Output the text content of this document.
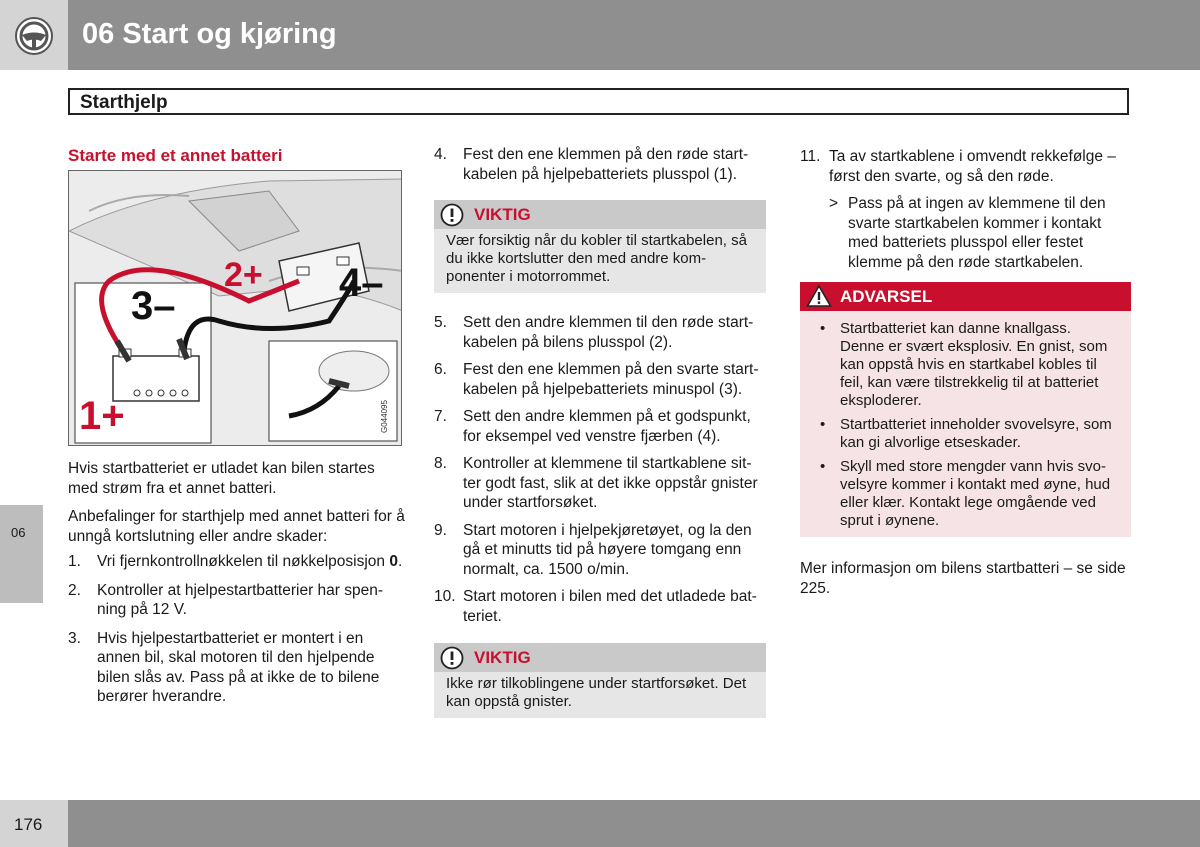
06 Start og kjøring
Starthjelp
06
Starte med et annet batteri
1+
3–
2+ 4–
G044095

Hvis startbatteriet er utladet kan bilen startes med strøm fra et annet batteri.

Anbefalinger for starthjelp med annet batteri for å unngå kortslutning eller andre skader:

1. Vri fjernkontrollnøkkelen til nøkkelposisjon 0.
2. Kontroller at hjelpestartbatterier har spen-ning på 12 V.
3. Hvis hjelpestartbatteriet er montert i en annen bil, skal motoren til den hjelpende bilen slås av. Pass på at ikke de to bilene berører hverandre.
4. Fest den ene klemmen på den røde start-kabelen på hjelpebatteriets plusspol (1).
VIKTIG
Vær forsiktig når du kobler til startkabelen, så du ikke kortslutter den med andre kom-ponenter i motorrommet.
5. Sett den andre klemmen til den røde start-kabelen på bilens plusspol (2).
6. Fest den ene klemmen på den svarte start-kabelen på hjelpebatteriets minuspol (3).
7. Sett den andre klemmen på et godspunkt, for eksempel ved venstre fjærben (4).
8. Kontroller at klemmene til startkablene sit-ter godt fast, slik at det ikke oppstår gnister under startforsøket.
9. Start motoren i hjelpekjøretøyet, og la den gå et minutts tid på høyere tomgang enn normalt, ca. 1500 o/min.
10. Start motoren i bilen med det utladede bat-teriet.
VIKTIG
Ikke rør tilkoblingene under startforsøket. Det kan oppstå gnister.
11. Ta av startkablene i omvendt rekkefølge – først den svarte, og så den røde.
> Pass på at ingen av klemmene til den svarte startkabelen kommer i kontakt med batteriets plusspol eller festet klemme på den røde startkabelen.
ADVARSEL
• Startbatteriet kan danne knallgass. Denne er svært eksplosiv. En gnist, som kan oppstå hvis en startkabel kobles til feil, kan være tilstrekkelig til at batteriet eksploderer.
• Startbatteriet inneholder svovelsyre, som kan gi alvorlige etseskader.
• Skyll med store mengder vann hvis svo-velsyre kommer i kontakt med øyne, hud eller klær. Kontakt lege omgående ved sprut i øynene.
Mer informasjon om bilens startbatteri – se side 225.
176
